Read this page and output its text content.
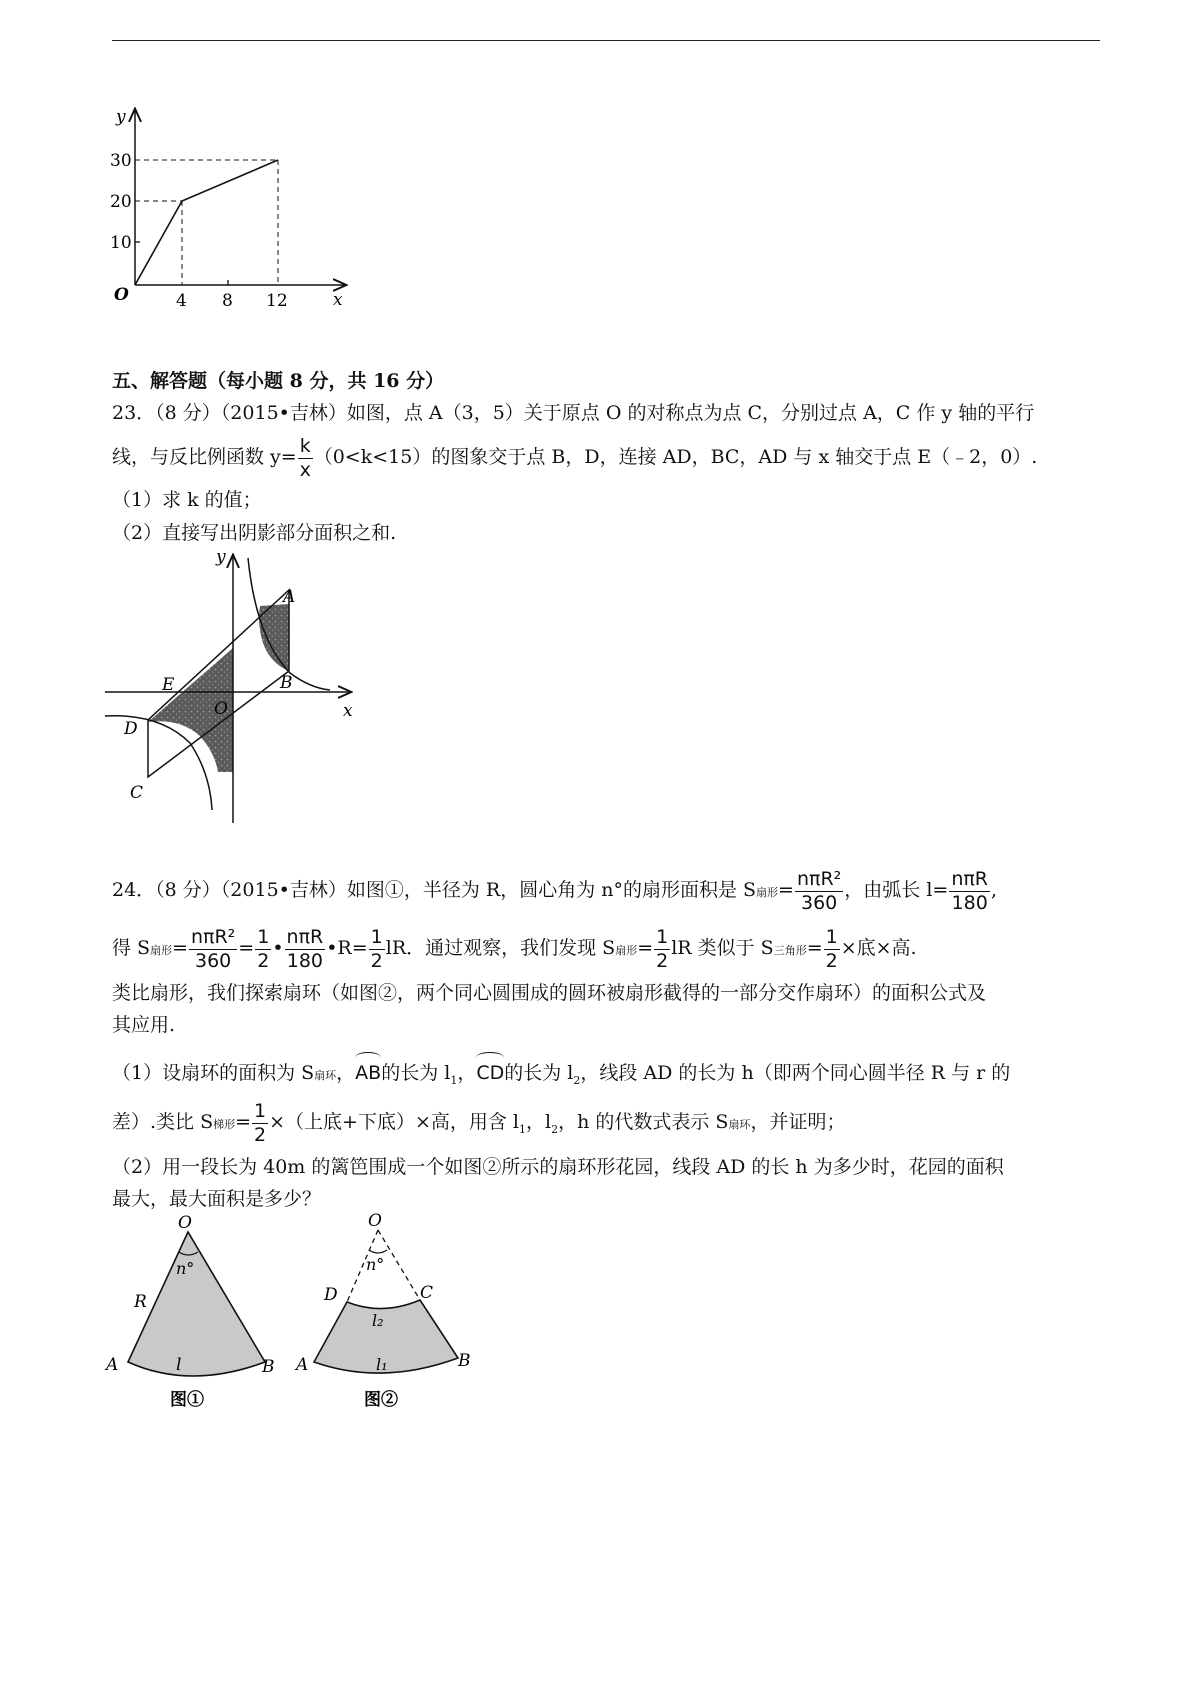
y
x
O
30
20
10
4 8 12
五、解答题（每小题 8 分，共 16 分）
23．（8 分）（2015•吉林）如图，点 A（3，5）关于原点 O 的对称点为点 C，分别过点 A，C 作 y 轴的平行
线，与反比例函数 $y= \frac{k}{x} (0<k<15)$的图象交于点 B，D，连接 AD，BC，AD 与 x 轴交于点 E（﹣2，0）.
（1）求 k 的值；
（2）直接写出阴影部分面积之和.
y
x
A
B
E
O
D
C
24．（8 分）（2015•吉林）如图①，半径为 R，圆心角为 n°的扇形面积是 S扇形= $\frac{\text{nπR²}}{360}$ ，由弧长 $l= \frac{\text{nπR}}{180}$ ,
得 S扇形= $\frac{\text{nπR²}}{360} = \frac{1}{2}$ • $\frac{\text{nπR}}{180}$ •R= $\frac{1}{2}$ lR．通过观察，我们发现 S扇形= $\frac{1}{2}$ lR 类似于 S三角形= $\frac{1}{2}$ ×底×高.
类比扇形，我们探索扇环（如图②，两个同心圆围成的圆环被扇形截得的一部分交作扇环）的面积公式及
其应用.
（1）设扇环的面积为 S扇环，AB的长为 $l_1$，CD的长为 $l_2$，线段 AD 的长为 h（即两个同心圆半径 R 与 r 的
差）.类比 S梯形= $\frac{1}{2}$ ×（上底+下底）×高，用含 $l_1$，$l_2$，h 的代数式表示 S扇环，并证明；
（2）用一段长为 40m 的篱笆围成一个如图②所示的扇环形花园，线段 AD 的长 h 为多少时，花园的面积
最大，最大面积是多少？
O
n°
R
A	B
l
图①
O
n°
D	C
l₂
A	B
l₁
图②
